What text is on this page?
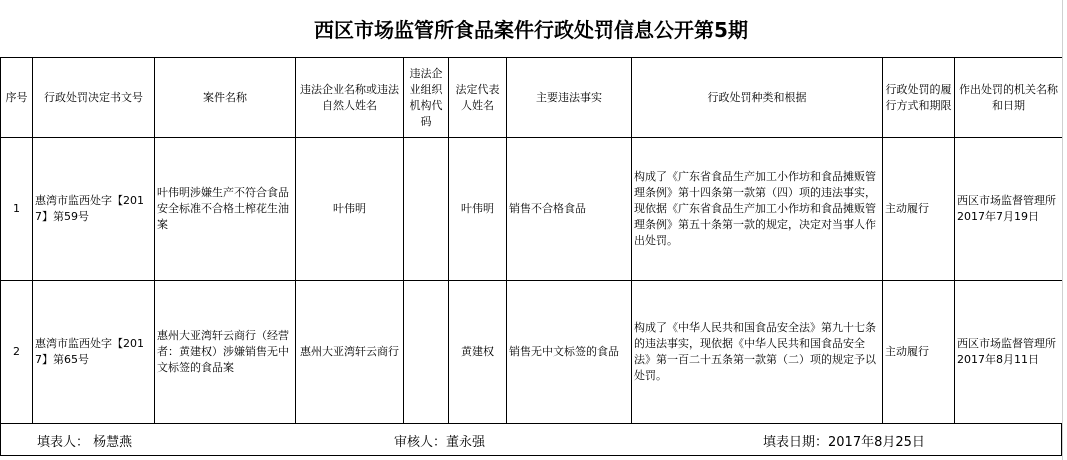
西区市场监管所食品案件行政处罚信息公开第5期
序号	行政处罚决定书文号	案件名称	违法企业名称或违法自然人姓名	违法企业组织机构代码	法定代表人姓名	主要违法事实	行政处罚种类和根据	行政处罚的履行方式和期限	作出处罚的机关名称和日期
1	惠湾市监西处字【2017】第59号	叶伟明涉嫌生产不符合食品安全标准不合格土榨花生油案	叶伟明		叶伟明	销售不合格食品	构成了《广东省食品生产加工小作坊和食品摊贩管理条例》第十四条第一款第（四）项的违法事实，现依据《广东省食品生产加工小作坊和食品摊贩管理条例》第五十条第一款的规定，决定对当事人作出处罚。	主动履行	西区市场监督管理所2017年7月19日
2	惠湾市监西处字【2017】第65号	惠州大亚湾轩云商行（经营者：黄建权）涉嫌销售无中文标签的食品案	惠州大亚湾轩云商行		黄建权	销售无中文标签的食品	构成了《中华人民共和国食品安全法》第九十七条的违法事实，现依据《中华人民共和国食品安全法》第一百二十五条第一款第（二）项的规定予以处罚。	主动履行	西区市场监督管理所2017年8月11日
填表人： 杨慧燕	审核人：董永强	填表日期：2017年8月25日
